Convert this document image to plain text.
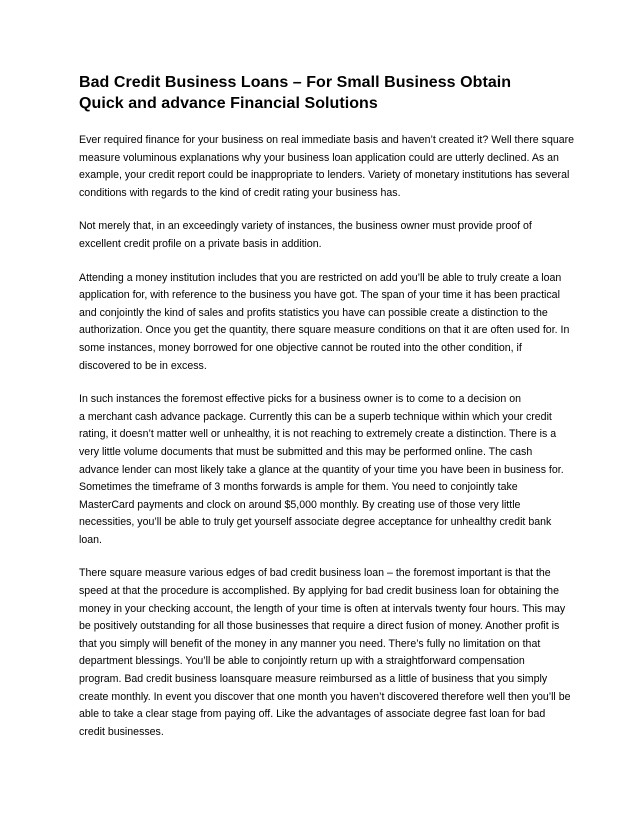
Bad Credit Business Loans – For Small Business Obtain
Quick and advance Financial Solutions

Ever required finance for your business on real immediate basis and haven’t created it? Well there square
measure voluminous explanations why your business loan application could are utterly declined. As an
example, your credit report could be inappropriate to lenders. Variety of monetary institutions has several
conditions with regards to the kind of credit rating your business has.

Not merely that, in an exceedingly variety of instances, the business owner must provide proof of
excellent credit profile on a private basis in addition.

Attending a money institution includes that you are restricted on add you’ll be able to truly create a loan
application for, with reference to the business you have got. The span of your time it has been practical
and conjointly the kind of sales and profits statistics you have can possible create a distinction to the
authorization. Once you get the quantity, there square measure conditions on that it are often used for. In
some instances, money borrowed for one objective cannot be routed into the other condition, if
discovered to be in excess.

In such instances the foremost effective picks for a business owner is to come to a decision on
a merchant cash advance package. Currently this can be a superb technique within which your credit
rating, it doesn’t matter well or unhealthy, it is not reaching to extremely create a distinction. There is a
very little volume documents that must be submitted and this may be performed online. The cash
advance lender can most likely take a glance at the quantity of your time you have been in business for.
Sometimes the timeframe of 3 months forwards is ample for them. You need to conjointly take
MasterCard payments and clock on around $5,000 monthly. By creating use of those very little
necessities, you’ll be able to truly get yourself associate degree acceptance for unhealthy credit bank
loan.

There square measure various edges of bad credit business loan – the foremost important is that the
speed at that the procedure is accomplished. By applying for bad credit business loan for obtaining the
money in your checking account, the length of your time is often at intervals twenty four hours. This may
be positively outstanding for all those businesses that require a direct fusion of money. Another profit is
that you simply will benefit of the money in any manner you need. There’s fully no limitation on that
department blessings. You’ll be able to conjointly return up with a straightforward compensation
program. Bad credit business loansquare measure reimbursed as a little of business that you simply
create monthly. In event you discover that one month you haven’t discovered therefore well then you’ll be
able to take a clear stage from paying off. Like the advantages of associate degree fast loan for bad
credit businesses.
